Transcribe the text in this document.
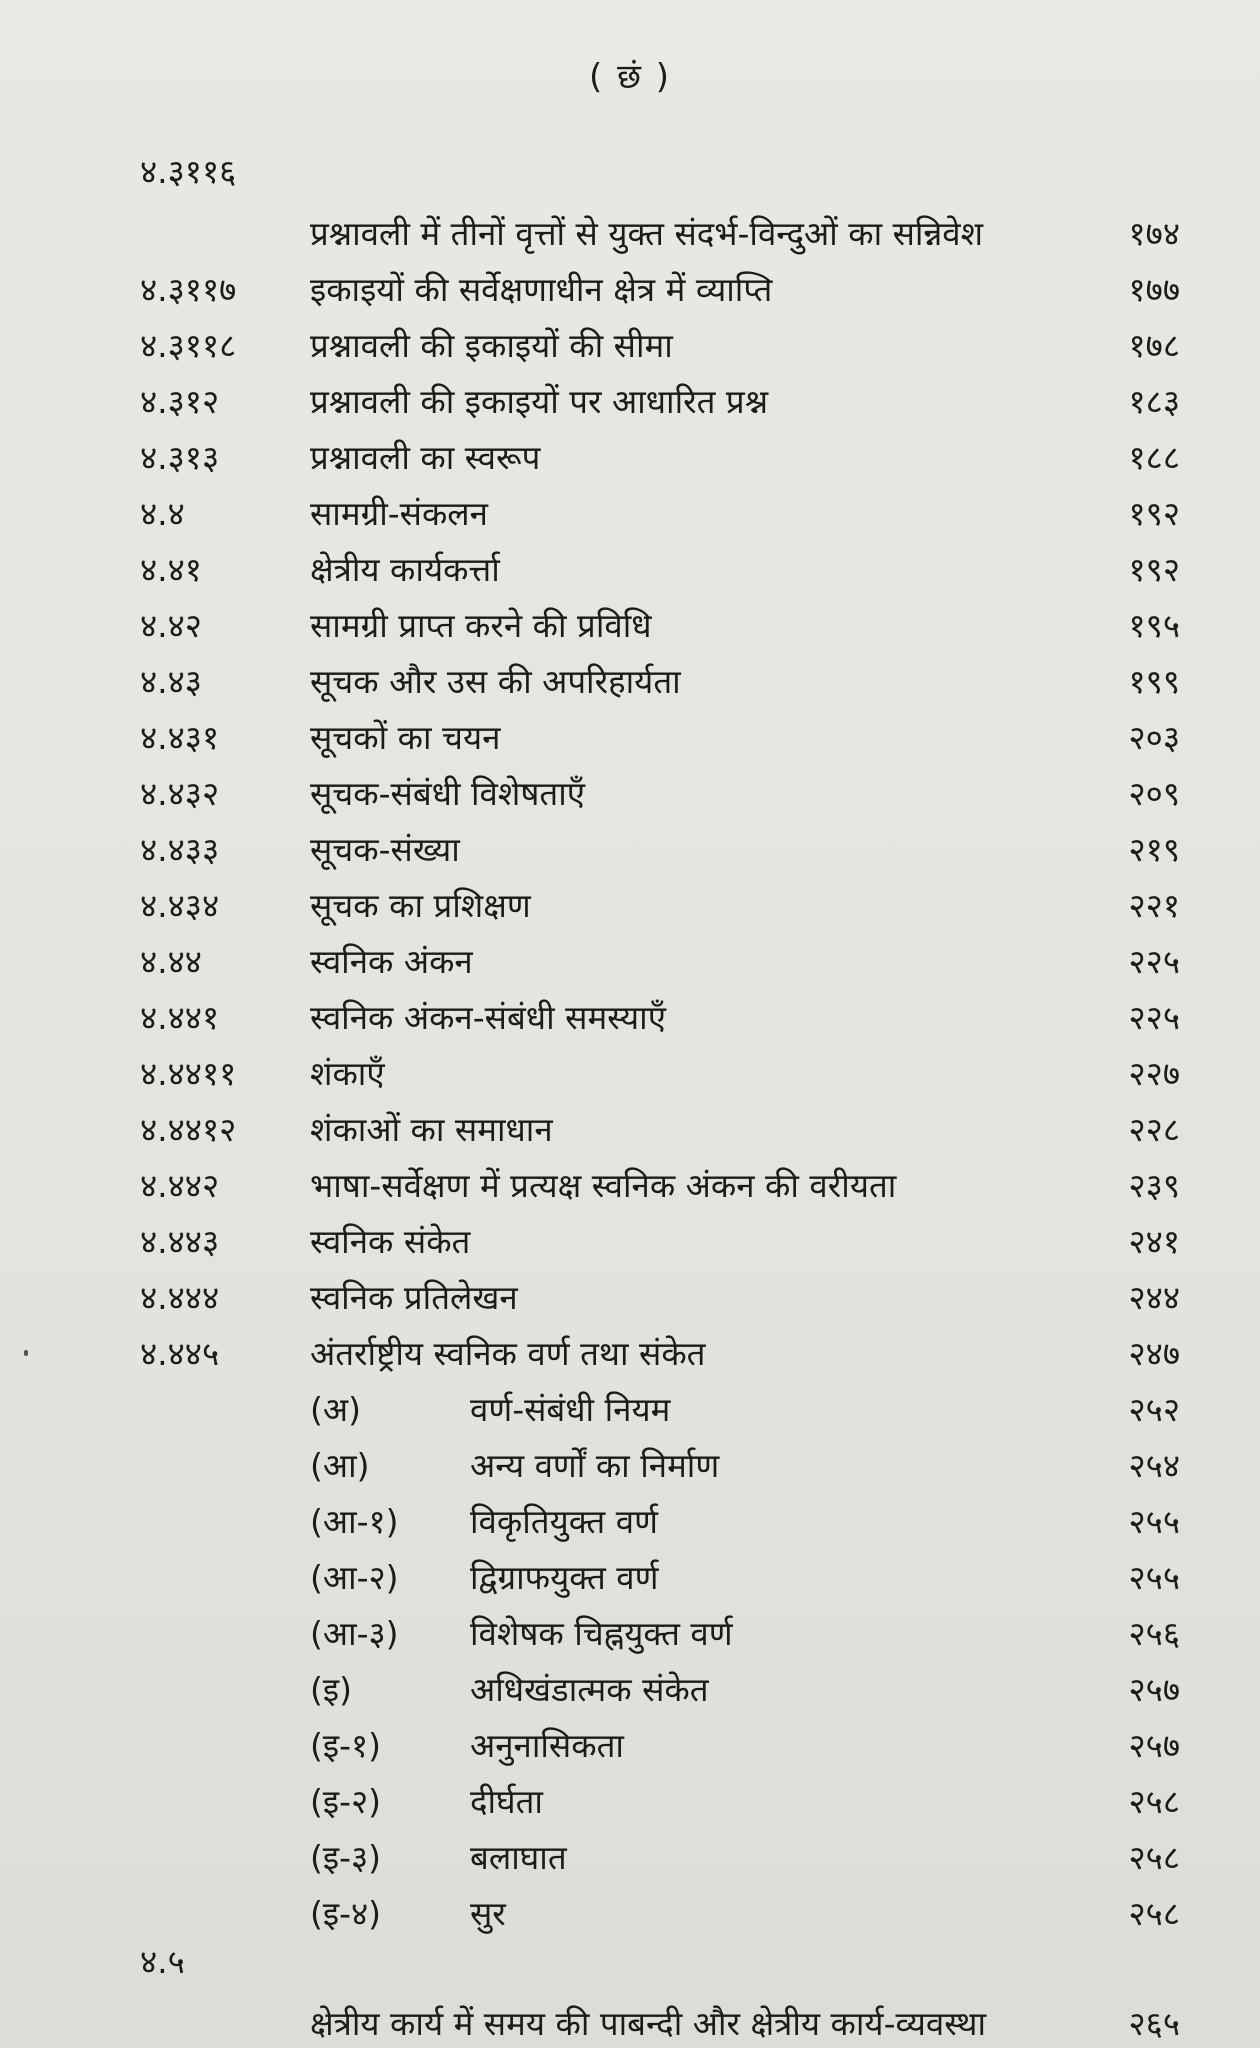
( छं )
४.३११६
प्रश्नावली में तीनों वृत्तों से युक्त संदर्भ-विन्दुओं का सन्निवेश	१७४
४.३११७	इकाइयों की सर्वेक्षणाधीन क्षेत्र में व्याप्ति	१७७
४.३११८	प्रश्नावली की इकाइयों की सीमा	१७८
४.३१२	प्रश्नावली की इकाइयों पर आधारित प्रश्न	१८३
४.३१३	प्रश्नावली का स्वरूप	१८८
४.४	सामग्री-संकलन	१९२
४.४१	क्षेत्रीय कार्यकर्त्ता	१९२
४.४२	सामग्री प्राप्त करने की प्रविधि	१९५
४.४३	सूचक और उस की अपरिहार्यता	१९९
४.४३१	सूचकों का चयन	२०३
४.४३२	सूचक-संबंधी विशेषताएँ	२०९
४.४३३	सूचक-संख्या	२१९
४.४३४	सूचक का प्रशिक्षण	२२१
४.४४	स्वनिक अंकन	२२५
४.४४१	स्वनिक अंकन-संबंधी समस्याएँ	२२५
४.४४११	शंकाएँ	२२७
४.४४१२	शंकाओं का समाधान	२२८
४.४४२	भाषा-सर्वेक्षण में प्रत्यक्ष स्वनिक अंकन की वरीयता	२३९
४.४४३	स्वनिक संकेत	२४१
४.४४४	स्वनिक प्रतिलेखन	२४४
४.४४५	अंतर्राष्ट्रीय स्वनिक वर्ण तथा संकेत	२४७
(अ)	वर्ण-संबंधी नियम	२५२
(आ)	अन्य वर्णों का निर्माण	२५४
(आ-१)	विकृतियुक्त वर्ण	२५५
(आ-२)	द्विग्राफयुक्त वर्ण	२५५
(आ-३)	विशेषक चिह्नयुक्त वर्ण	२५६
(इ)	अधिखंडात्मक संकेत	२५७
(इ-१)	अनुनासिकता	२५७
(इ-२)	दीर्घता	२५८
(इ-३)	बलाघात	२५८
(इ-४)	सुर	२५८
४.५
क्षेत्रीय कार्य में समय की पाबन्दी और क्षेत्रीय कार्य-व्यवस्था	२६५
